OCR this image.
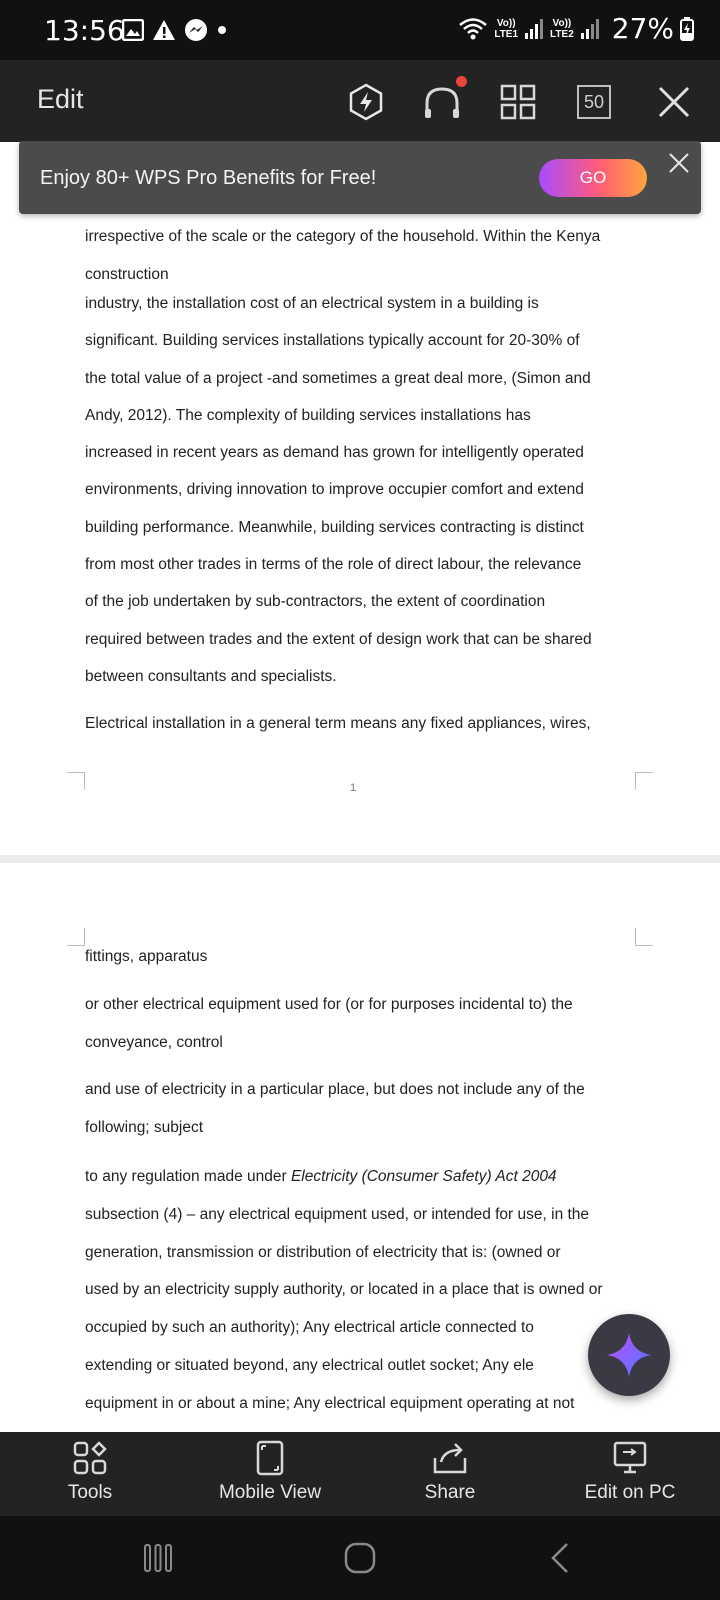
13:56	Vo))
LTE1
Vo))
LTE2 27%
Edit	50
irrespective of the scale or the category of the household. Within the Kenya
construction
industry, the installation cost of an electrical system in a building is
significant. Building services installations typically account for 20-30% of
the total value of a project -and sometimes a great deal more, (Simon and
Andy, 2012). The complexity of building services installations has
increased in recent years as demand has grown for intelligently operated
environments, driving innovation to improve occupier comfort and extend
building performance. Meanwhile, building services contracting is distinct
from most other trades in terms of the role of direct labour, the relevance
of the job undertaken by sub-contractors, the extent of coordination
required between trades and the extent of design work that can be shared
between consultants and specialists.
Electrical installation in a general term means any fixed appliances, wires,
1
fittings, apparatus
or other electrical equipment used for (or for purposes incidental to) the
conveyance, control
and use of electricity in a particular place, but does not include any of the
following; subject
to any regulation made under Electricity (Consumer Safety) Act 2004
subsection (4) – any electrical equipment used, or intended for use, in the
generation, transmission or distribution of electricity that is: (owned or
used by an electricity supply authority, or located in a place that is owned or
occupied by such an authority); Any electrical article connected to
extending or situated beyond, any electrical outlet socket; Any ele
equipment in or about a mine; Any electrical equipment operating at not
Enjoy 80+ WPS Pro Benefits for Free!	GO
Tools	Mobile View	Share	Edit on PC
